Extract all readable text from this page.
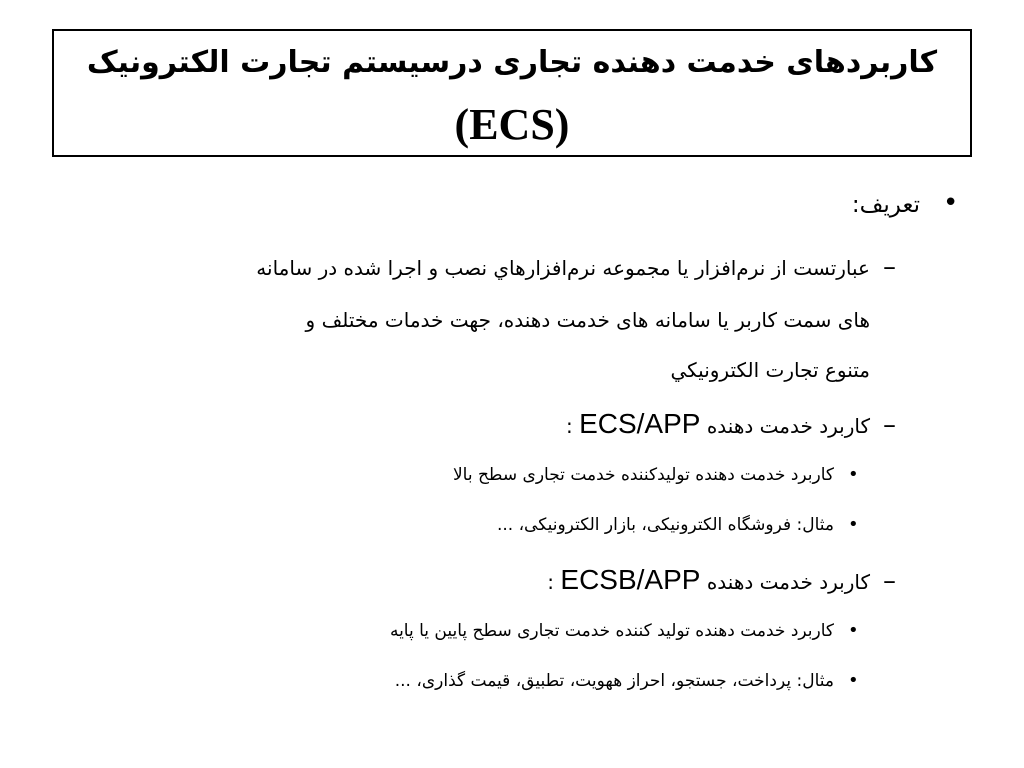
کاربردهای خدمت دهنده تجاری درسیستم تجارت الکترونیک
(ECS)
•
تعریف:
–
عبارتست از نرم‌افزار یا مجموعه نرم‌افزارهاي نصب و اجرا شده در سامانه
های سمت کاربر یا سامانه های خدمت دهنده، جهت خدمات مختلف و
متنوع تجارت الكترونيكي
–
کاربرد خدمت دهنده ECS/APP :
•
کاربرد خدمت دهنده تولیدکننده خدمت تجاری سطح بالا
•
مثال: فروشگاه الکترونیکی، بازار الکترونیکی، ...
–
کاربرد خدمت دهنده ECSB/APP :
•
کاربرد خدمت دهنده تولید کننده خدمت تجاری سطح پایین یا پایه
•
مثال: پرداخت، جستجو، احراز ههویت، تطبیق، قیمت گذاری، ...
